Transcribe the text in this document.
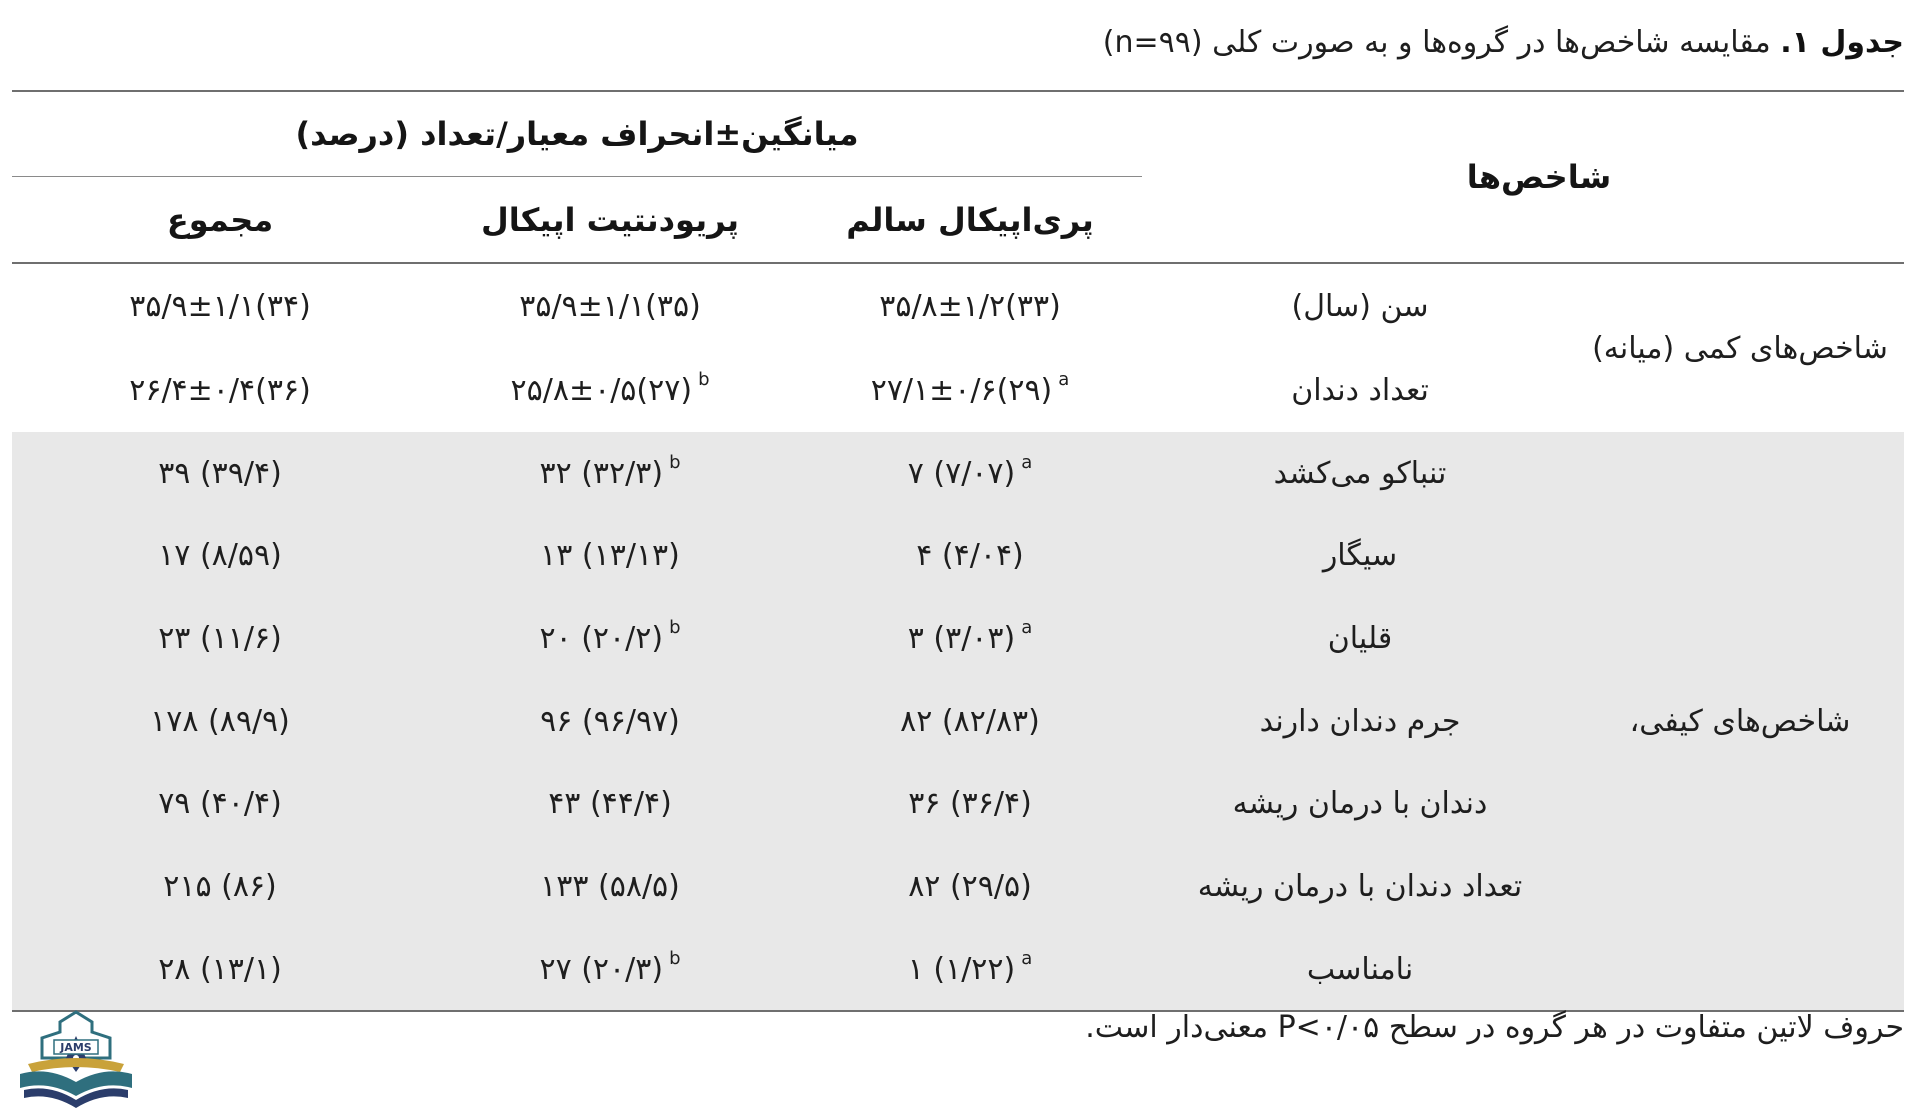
جدول ۱. مقایسه شاخص‌ها در گروه‌ها و به صورت کلی (n=۹۹)
شاخص‌ها
میانگین±انحراف معیار/تعداد (درصد)
پری‌اپیکال سالم
پریودنتیت اپیکال
مجموع
شاخص‌های کمی (میانه)
شاخص‌های کیفی،
سن (سال)
۳۵/۸±۱/۲(۳۳)
۳۵/۹±۱/۱(۳۵)
۳۵/۹±۱/۱(۳۴)
تعداد دندان
۲۷/۱±۰/۶(۲۹) $^a$
۲۵/۸±۰/۵(۲۷) $^b$
۲۶/۴±۰/۴(۳۶)
تنباکو می‌کشد
۷ (۷/۰۷) $^a$
۳۲ (۳۲/۳) $^b$
۳۹ (۳۹/۴)
سیگار
۴ (۴/۰۴)
۱۳ (۱۳/۱۳)
۱۷ (۸/۵۹)
قلیان
۳ (۳/۰۳) $^a$
۲۰ (۲۰/۲) $^b$
۲۳ (۱۱/۶)
جرم دندان دارند
۸۲ (۸۲/۸۳)
۹۶ (۹۶/۹۷)
۱۷۸ (۸۹/۹)
دندان با درمان ریشه
۳۶ (۳۶/۴)
۴۳ (۴۴/۴)
۷۹ (۴۰/۴)
تعداد دندان با درمان ریشه
۸۲ (۲۹/۵)
۱۳۳ (۵۸/۵)
۲۱۵ (۸۶)
نامناسب
۱ (۱/۲۲) $^a$
۲۷ (۲۰/۳) $^b$
۲۸ (۱۳/۱)
حروف لاتین متفاوت در هر گروه در سطح P<۰/۰۵ معنی‌دار است.
JAMS
